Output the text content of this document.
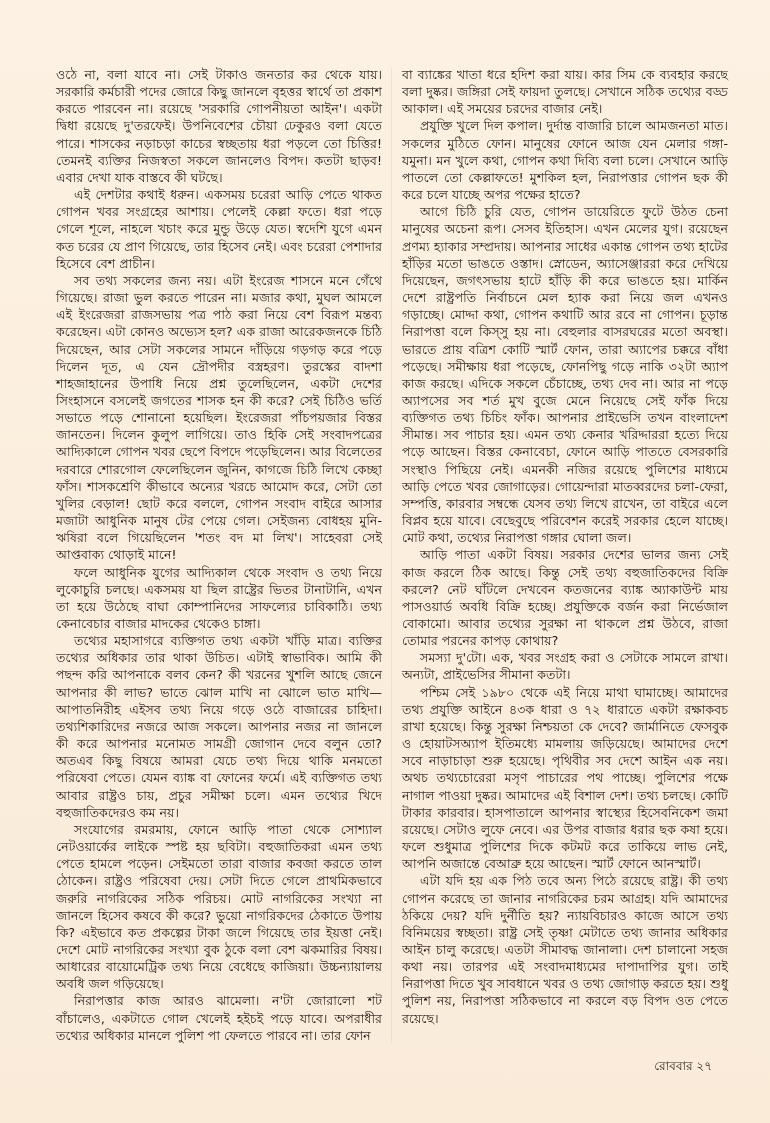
ওঠে না, বলা যাবে না। সেই টাকাও জনতার কর থেকে যায়। সরকারি কর্মচারী পদের জোরে কিছু জানলে বৃহত্তর স্বার্থে তা প্রকাশ করতে পারবেন না। রয়েছে 'সরকারি গোপনীয়তা আইন'। একটা দ্বিধা রয়েছে দু'তরফেই। উপনিবেশের চৌয়া ঢেকুরও বলা যেতে পারে। শাসকের নড়াচড়া কাচের স্বচ্ছতায় ধরা পড়লে তো চিত্তির! তেমনই ব্যক্তির নিজস্বতা সকলে জানলেও বিপদ। কতটা ছাড়ব! এবার দেখা যাক বাস্তবে কী ঘটছে।

এই দেশটার কথাই ধরুন। একসময় চরেরা আড়ি পেতে থাকত গোপন খবর সংগ্রহের আশায়। পেলেই কেল্লা ফতে। ধরা পড়ে গেলে শূলে, নাহলে খচাং করে মুন্ডু উড়ে যেত। স্বদেশি যুগে এমন কত চরের যে প্রাণ গিয়েছে, তার হিসেব নেই। এবং চরেরা পেশাদার হিসেবে বেশ প্রাচীন।

সব তথ্য সকলের জন্য নয়। এটা ইংরেজ শাসনে মনে গেঁথে গিয়েছে। রাজা ভুল করতে পারেন না। মজার কথা, মুঘল আমলে এই ইংরেজরা রাজসভায় পত্র পাঠ করা নিয়ে বেশ বিরূপ মন্তব্য করেছেন। এটা কোনও অভ্যেস হল? এক রাজা আরেকজনকে চিঠি দিয়েছেন, আর সেটা সকলের সামনে দাঁড়িয়ে গড়গড় করে পড়ে দিলেন দূত, এ যেন দ্রৌপদীর বস্ত্রহরণ। তুরস্কের বাদশা শাহজাহানের উপাধি নিয়ে প্রশ্ন তুলেছিলেন, একটা দেশের সিংহাসনে বসলেই জগতের শাসক হন কী করে? সেই চিঠিও ভর্তি সভাতে পড়ে শোনানো হয়েছিল। ইংরেজরা পাঁচপয়জার বিস্তর জানতেন। দিলেন কুলুপ লাগিয়ে। তাও হিকি সেই সংবাদপত্রের আদ্যিকালে গোপন খবর ছেপে বিপদে পড়েছিলেন। আর বিলেতের দরবারে শোরগোল ফেলেছিলেন জুনিন, কাগজে চিঠি লিখে কেচ্ছা ফাঁস। শাসকশ্রেণি কীভাবে অন্যের খরচে আমোদ করে, সেটা তো খুলির বেড়াল! ছোট করে বললে, গোপন সংবাদ বাইরে আসার মজাটা আধুনিক মানুষ টের পেয়ে গেল। সেইজন্য বোধহয় মুনি-ঋষিরা বলে গিয়েছিলেন 'শতং বদ মা লিখ'। সাহেবরা সেই আপ্তবাক্য থোড়াই মানে!

ফলে আধুনিক যুগের আদ্যিকাল থেকে সংবাদ ও তথ্য নিয়ে লুকোচুরি চলছে। একসময় যা ছিল রাষ্ট্রের ভিতর টানাটানি, এখন তা হয়ে উঠেছে বাঘা কোম্পানিদের সাফল্যের চাবিকাঠি। তথ্য কেনাবেচার বাজার মাদকের থেকেও চাঙ্গা।

তথ্যের মহাসাগরে ব্যক্তিগত তথ্য একটা খাঁড়ি মাত্র। ব্যক্তির তথ্যের অধিকার তার থাকা উচিত। এটাই স্বাভাবিক। আমি কী পছন্দ করি আপনাকে বলব কেন? কী খরনের খুশলি আছে জেনে আপনার কী লাভ? ভাতে ঝোল মাখি না ঝোলে ভাত মাখি— আপাতনিরীহ এইসব তথ্য নিয়ে গড়ে ওঠে বাজারের চাহিদা। তথ্যশিকারিদের নজরে আজ সকলে। আপনার নজর না জানলে কী করে আপনার মনোমত সামগ্রী জোগান দেবে বলুন তো? অতএব কিছু বিষয়ে আমরা যেচে তথ্য দিয়ে থাকি মনমতো পরিষেবা পেতে। যেমন ব্যাঙ্ক বা ফোনের ফর্মে। এই ব্যক্তিগত তথ্য আবার রাষ্ট্রও চায়, প্রচুর সমীক্ষা চলে। এমন তথ্যের খিদে বহুজাতিকদেরও কম নয়।

সংযোগের রমরমায়, ফোনে আড়ি পাতা থেকে সোশ্যাল নেটওয়ার্কের লাইকে স্পষ্ট হয় ছবিটা। বহুজাতিকরা এমন তথ্য পেতে হামলে পড়েন। সেইমতো তারা বাজার কবজা করতে তাল ঠোকেন। রাষ্ট্রও পরিষেবা দেয়। সেটা দিতে গেলে প্রাথমিকভাবে জরুরি নাগরিকের সঠিক পরিচয়। মোট নাগরিকের সংখ্যা না জানলে হিসেব কষবে কী করে? ভুয়ো নাগরিকদের ঠেকাতে উপায় কি? এইভাবে কত প্রকল্পের টাকা জলে গিয়েছে তার ইয়ত্তা নেই। দেশে মোট নাগরিকের সংখ্যা বুক ঠুকে বলা বেশ ঝকমারির বিষয়। আধারের বায়োমেট্রিক তথ্য নিয়ে বেধেছে কাজিয়া। উচ্চন্যায়ালয় অবধি জল গড়িয়েছে।

নিরাপত্তার কাজ আরও ঝামেলা। ন'টা জোরালো শট বাঁচালেও, একটাতে গোল খেলেই হইচই পড়ে যাবে। অপরাধীর তথ্যের অধিকার মানলে পুলিশ পা ফেলতে পারবে না। তার ফোন

বা ব্যাঙ্কের খাতা ধরে হদিশ করা যায়। কার সিম কে ব্যবহার করছে বলা দুষ্কর। জঙ্গিরা সেই ফায়দা তুলছে। সেখানে সঠিক তথ্যের বড্ড আকাল। এই সময়ের চরদের বাজার নেই।

প্রযুক্তি খুলে দিল কপাল। দুর্দান্ত বাজারি চালে আমজনতা মাত। সকলের মুঠিতে ফোন। মানুষের ফোনে আজ যেন মেলার গঙ্গা-যমুনা। মন খুলে কথা, গোপন কথা দিব্যি বলা চলে। সেখানে আড়ি পাতলে তো কেল্লাফতে! মুশকিল হল, নিরাপত্তার গোপন ছক কী করে চলে যাচ্ছে অপর পক্ষের হাতে?

আগে চিঠি চুরি যেত, গোপন ডায়েরিতে ফুটে উঠত চেনা মানুষের অচেনা রূপ। সেসব ইতিহাস। এখন মেলের যুগ। রয়েছেন প্রণম্য হ্যাকার সম্প্রদায়। আপনার সাধের একান্ত গোপন তথ্য হাটের হাঁড়ির মতো ভাঙতে ওস্তাদ। স্নোডেন, অ্যাসেঞ্জাররা করে দেখিয়ে দিয়েছেন, জগৎসভায় হাটে হাঁড়ি কী করে ভাঙতে হয়। মার্কিন দেশে রাষ্ট্রপতি নির্বাচনে মেল হ্যাক করা নিয়ে জল এখনও গড়াচ্ছে। মোদ্দা কথা, গোপন কথাটি আর রবে না গোপন। চূড়ান্ত নিরাপত্তা বলে কিস্সু হয় না। বেহুলার বাসরঘরের মতো অবস্থা। ভারতে প্রায় বত্রিশ কোটি স্মার্ট ফোন, তারা অ্যাপের চক্করে বাঁধা পড়েছে। সমীক্ষায় ধরা পড়েছে, ফোনপিছু গড়ে নাকি ৩২টা অ্যাপ কাজ করছে। এদিকে সকলে চেঁচাচ্ছে, তথ্য দেব না। আর না পড়ে অ্যাপসের সব শর্ত মুখ বুজে মেনে নিয়েছে সেই ফাঁক দিয়ে ব্যক্তিগত তথ্য চিচিং ফাঁক। আপনার প্রাইভেসি তখন বাংলাদেশ সীমান্ত। সব পাচার হয়। এমন তথ্য কেনার খরিদ্দাররা হত্যে দিয়ে পড়ে আছেন। বিস্তর কেনাবেচা, ফোনে আড়ি পাততে বেসরকারি সংস্থাও পিছিয়ে নেই। এমনকী নজির রয়েছে পুলিশের মাধ্যমে আড়ি পেতে খবর জোগাড়ের। গোয়েন্দারা মাতব্বরদের চলা-ফেরা, সম্পত্তি, কারবার সম্বন্ধে যেসব তথ্য লিখে রাখেন, তা বাইরে এলে বিপ্লব হয়ে যাবে। বেছেবুছে পরিবেশন করেই সরকার হেলে যাচ্ছে। মোট কথা, তথ্যের নিরাপত্তা গঙ্গার ঘোলা জল।

আড়ি পাতা একটা বিষয়। সরকার দেশের ভালর জন্য সেই কাজ করলে ঠিক আছে। কিন্তু সেই তথ্য বহুজাতিকদের বিক্রি করলে? নেট ঘাঁটলে দেখবেন কতজনের ব্যাঙ্ক অ্যাকাউন্ট মায় পাসওয়ার্ড অবধি বিক্রি হচ্ছে। প্রযুক্তিকে বর্জন করা নির্ভেজাল বোকামো। আবার তথ্যের সুরক্ষা না থাকলে প্রশ্ন উঠবে, রাজা তোমার পরনের কাপড় কোথায়?

সমস্যা দু'টো। এক, খবর সংগ্রহ করা ও সেটাকে সামলে রাখা। অন্যটা, প্রাইভেসির সীমানা কতটা।

পশ্চিম সেই ১৯৮০ থেকে এই নিয়ে মাথা ঘামাচ্ছে। আমাদের তথ্য প্রযুক্তি আইনে ৪৩ক ধারা ও ৭২ ধারাতে একটা রক্ষাকবচ রাখা হয়েছে। কিন্তু সুরক্ষা নিশ্চয়তা কে দেবে? জার্মানিতে ফেসবুক ও হোয়াটসঅ্যাপ ইতিমধ্যে মামলায় জড়িয়েছে। আমাদের দেশে সবে নাড়াচাড়া শুরু হয়েছে। পৃথিবীর সব দেশে আইন এক নয়। অথচ তথ্যচোরেরা মসৃণ পাচারের পথ পাচ্ছে। পুলিশের পক্ষে নাগাল পাওয়া দুষ্কর। আমাদের এই বিশাল দেশ। তথ্য চলছে। কোটি টাকার কারবার। হাসপাতালে আপনার স্বাস্থ্যের হিসেবনিকেশ জমা রয়েছে। সেটাও লুফে নেবে। এর উপর বাজার ধরার ছক কষা হয়ে। ফলে শুধুমাত্র পুলিশের দিকে কটমট করে তাকিয়ে লাভ নেই, আপনি অজান্তে বেআব্রু হয়ে আছেন। স্মার্ট ফোনে আনস্মার্ট।

এটা যদি হয় এক পিঠ তবে অন্য পিঠে রয়েছে রাষ্ট্র। কী তথ্য গোপন করেছে তা জানার নাগরিকের চরম আগ্রহ। যদি আমাদের ঠকিয়ে দেয়? যদি দুর্নীতি হয়? ন্যায়বিচারও কাজে আসে তথ্য বিনিময়ের স্বচ্ছতা। রাষ্ট্র সেই তৃষ্ণা মেটাতে তথ্য জানার অধিকার আইন চালু করেছে। এতটা সীমাবদ্ধ জানালা। দেশ চালানো সহজ কথা নয়। তারপর এই সংবাদমাধ্যমের দাপাদাপির যুগ। তাই নিরাপত্তা দিতে খুব সাবধানে খবর ও তথ্য জোগাড় করতে হয়। শুধু পুলিশ নয়, নিরাপত্তা সঠিকভাবে না করলে বড় বিপদ ওত পেতে রয়েছে।

রোববার ২৭
